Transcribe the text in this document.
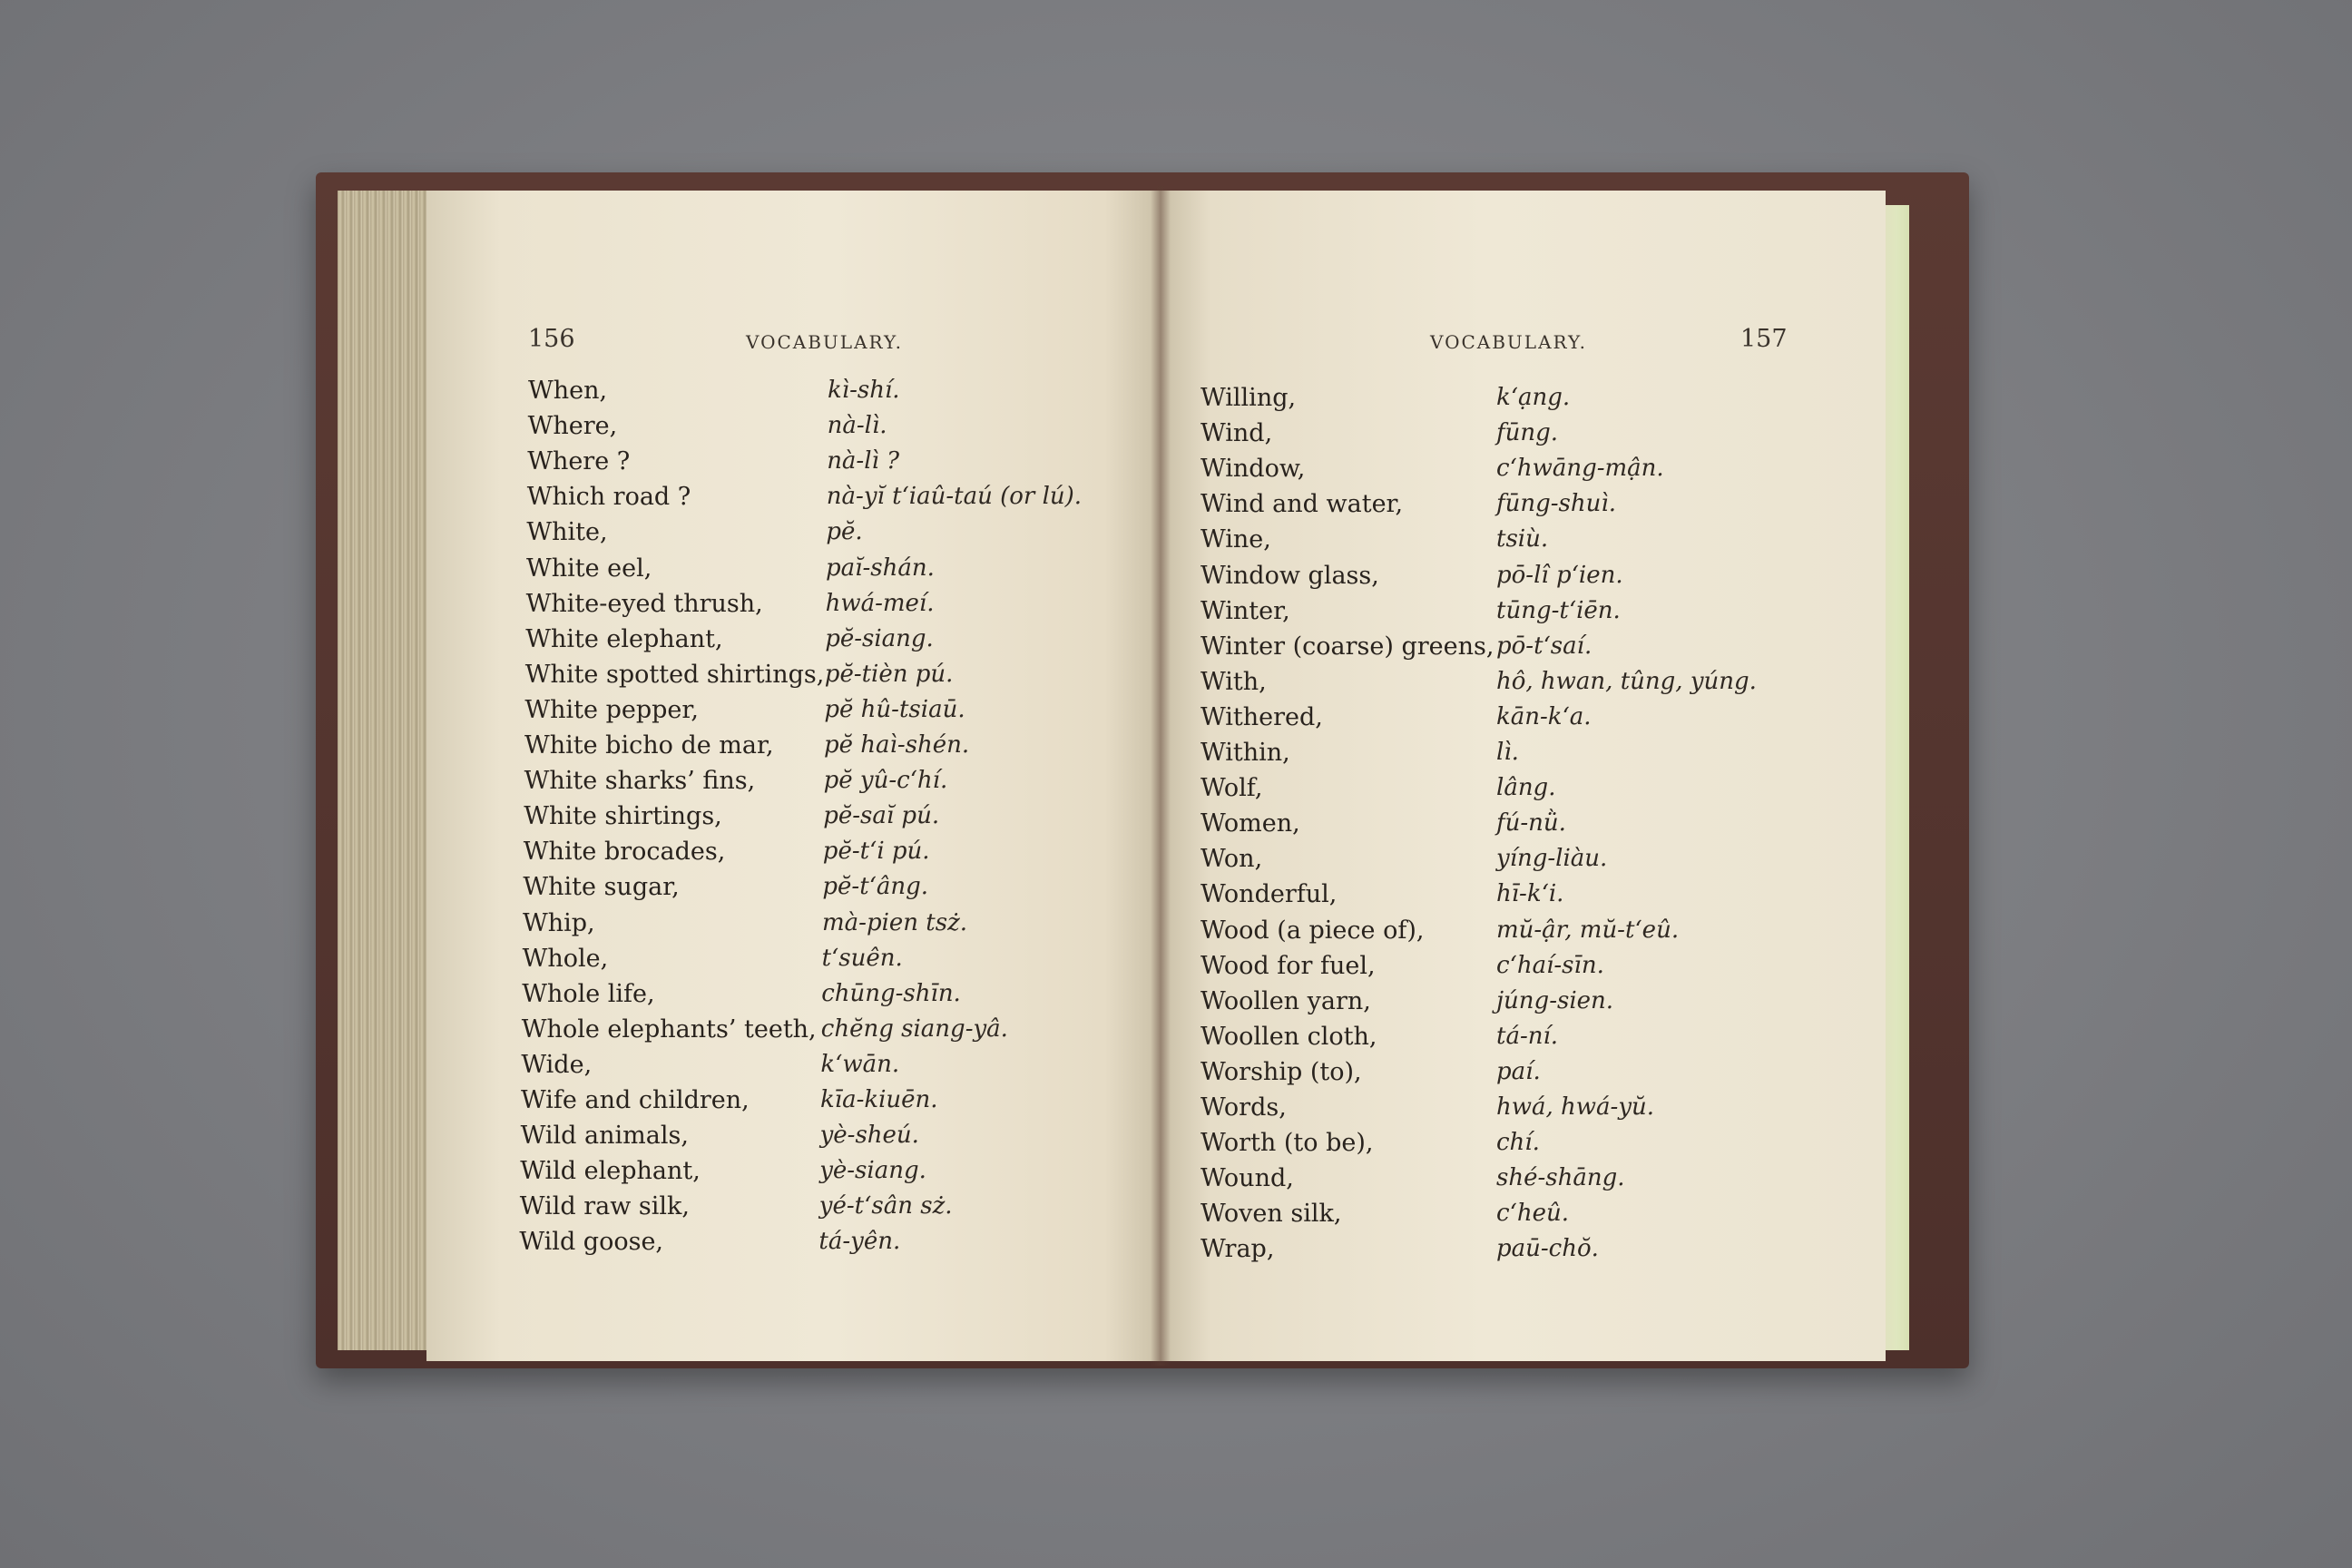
156	VOCABULARY.
When,	kì-shí.
Where,	nà-lì.
Where ?	nà-lì ?
Which road ?	nà-yĭ t‘iaû-taú (or lú).
White,	pĕ.
White eel,	paĭ-shán.
White-eyed thrush,	hwá-meí.
White elephant,	pĕ-siang.
White spotted shirtings, pĕ-tièn pú.
White pepper,	pĕ hû-tsiaū.
White bicho de mar, pĕ haì-shén.
White sharks’ fins,	pĕ yû-c‘hí.
White shirtings,	pĕ-saĭ pú.
White brocades,	pĕ-t‘i pú.
White sugar,	pĕ-t‘âng.
Whip,	mà-pien tsż.
Whole,	t‘suên.
Whole life,	chūng-shīn.
Whole elephants’ teeth, chĕng siang-yâ.
Wide,	k‘wān.
Wife and children,	kīa-kiuēn.
Wild animals,	yè-sheú.
Wild elephant,	yè-siang.
Wild raw silk,	yé-t‘sân sż.
Wild goose,	tá-yên.
VOCABULARY.	157
Willing,	k‘ạng.
Wind,	fūng.
Window,	c‘hwāng-mận.
Wind and water,	fūng-shuì.
Wine,	tsiù.
Window glass,	pō-lî p‘ien.
Winter,	tūng-t‘iēn.
Winter (coarse) greens, pō-t‘saí.
With,	hô, hwan, tûng, yúng.
Withered,	kān-k‘a.
Within,	lì.
Wolf,	lâng.
Women,	fú-nǜ.
Won,	yíng-liàu.
Wonderful,	hī-k‘i.
Wood (a piece of),	mŭ-ậr, mŭ-t‘eû.
Wood for fuel,	c‘haí-sīn.
Woollen yarn,	júng-sien.
Woollen cloth,	tá-ní.
Worship (to),	paí.
Words,	hwá, hwá-yŭ.
Worth (to be),	chí.
Wound,	shé-shāng.
Woven silk,	c‘heû.
Wrap,	paū-chŏ.
